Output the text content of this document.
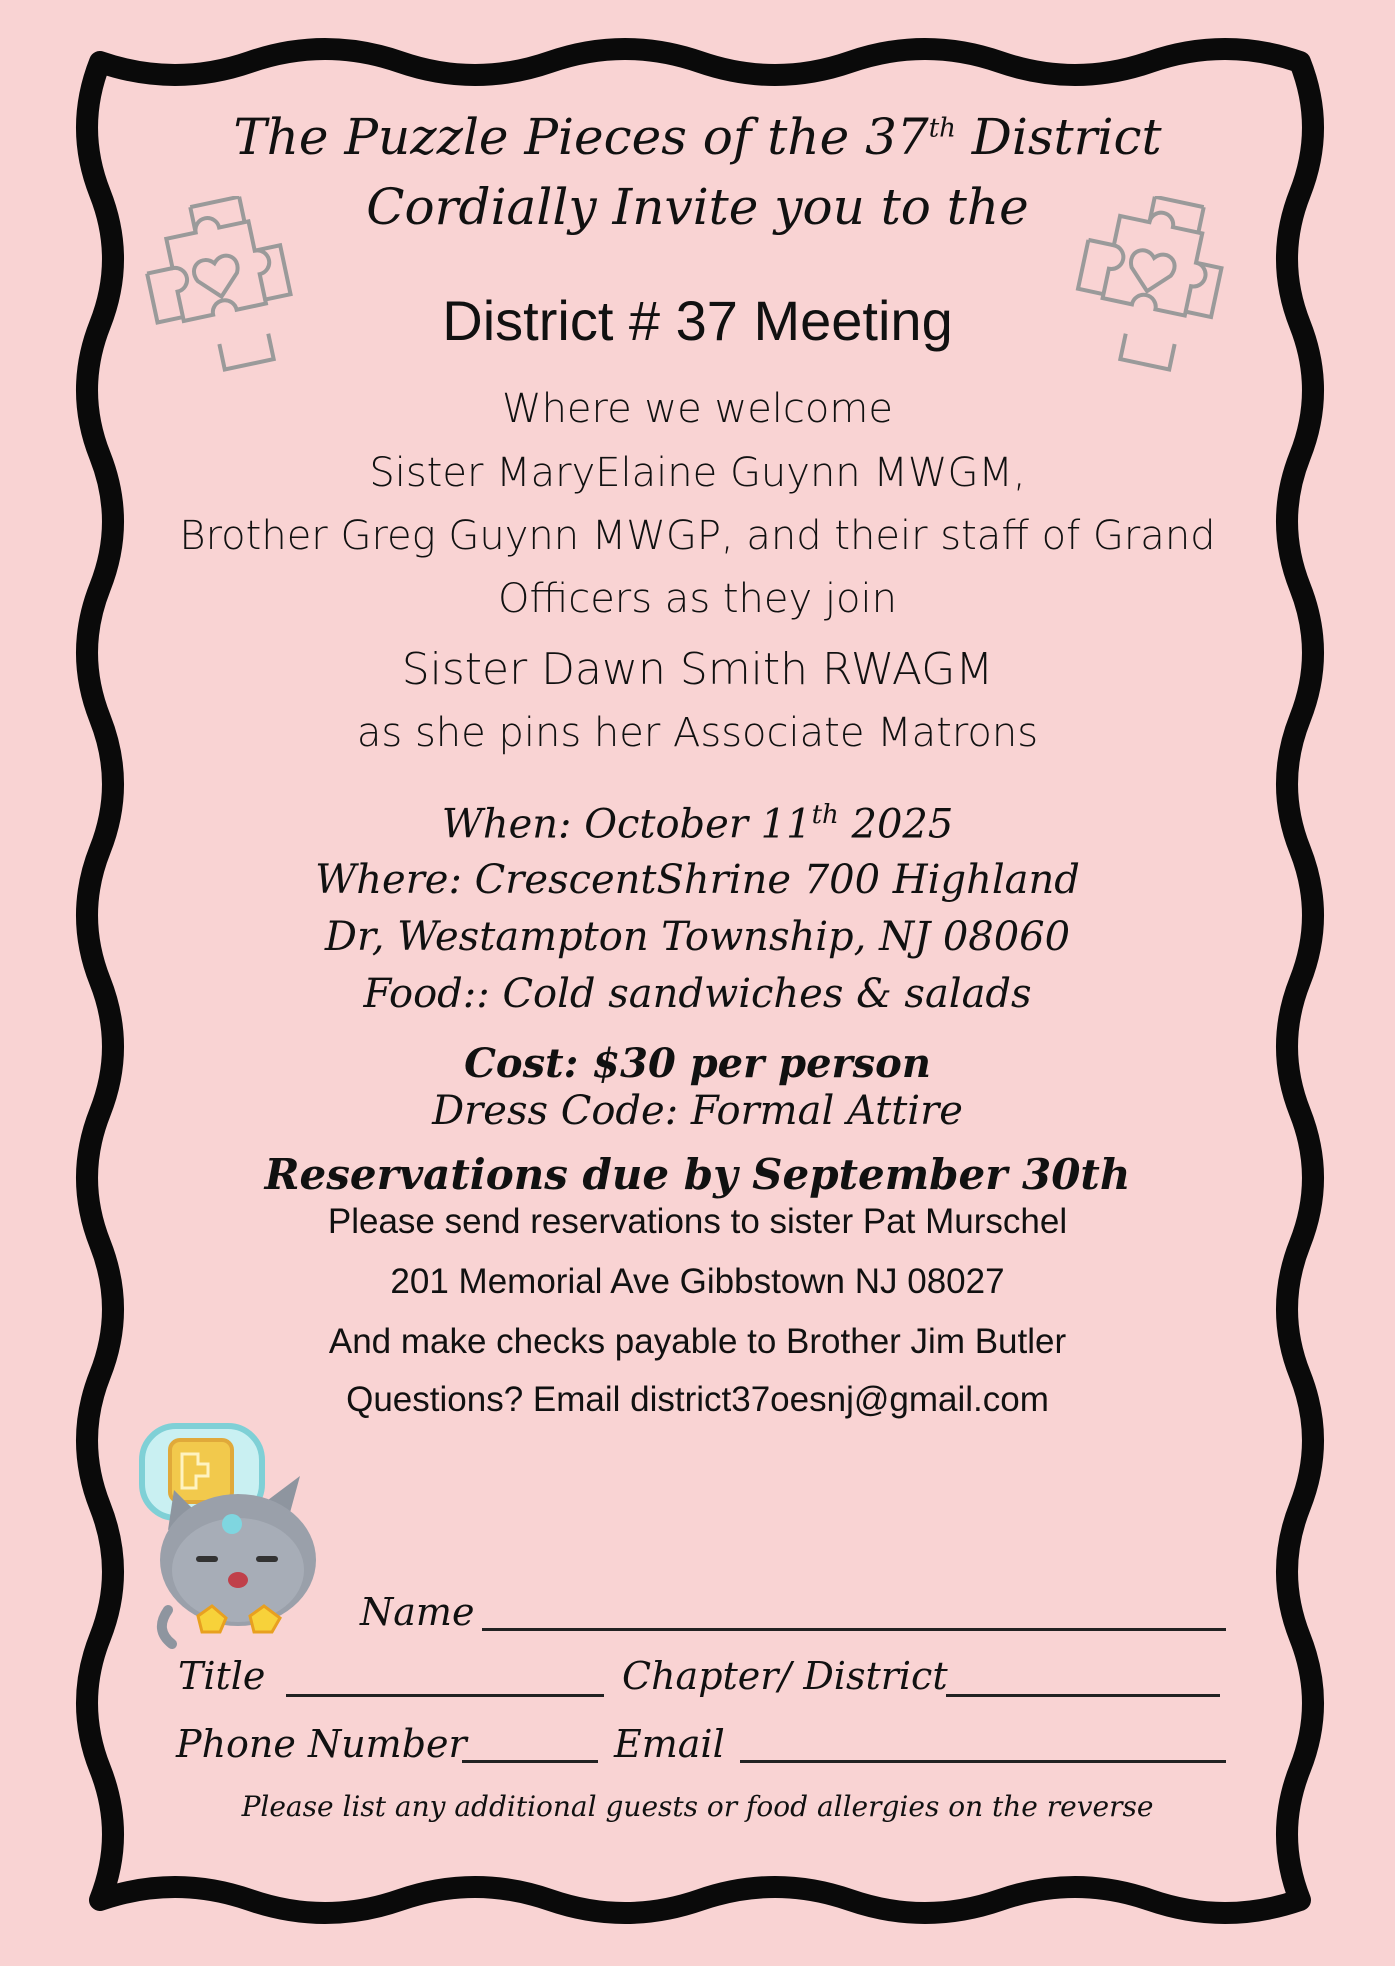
The Puzzle Pieces of the 37th District
Cordially Invite you to the
District # 37 Meeting
Where we welcome
Sister MaryElaine Guynn MWGM,
Brother Greg Guynn MWGP, and their staff of Grand
Officers as they join
Sister Dawn Smith RWAGM
as she pins her Associate Matrons
When: October 11th 2025
Where: CrescentShrine 700 Highland
Dr, Westampton Township, NJ 08060
Food:: Cold sandwiches & salads
Cost: $30 per person
Dress Code: Formal Attire
Reservations due by September 30th
Please send reservations to sister Pat Murschel
201 Memorial Ave Gibbstown NJ 08027
And make checks payable to Brother Jim Butler
Questions? Email district37oesnj@gmail.com
Name
Title	Chapter/ District
Phone Number	Email
Please list any additional guests or food allergies on the reverse
